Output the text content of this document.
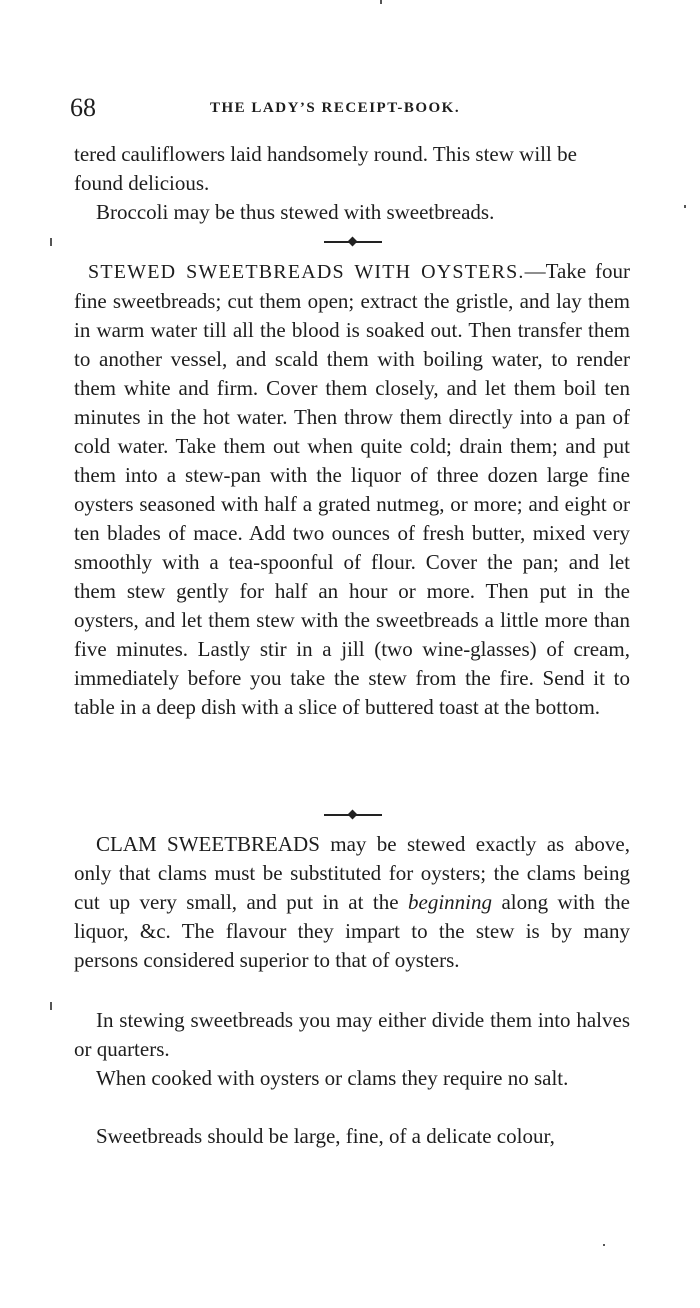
68	THE LADY’S RECEIPT-BOOK.

tered cauliflowers laid handsomely round. This stew will be found delicious.

Broccoli may be thus stewed with sweetbreads.

STEWED SWEETBREADS WITH OYSTERS.—Take four fine sweetbreads; cut them open; extract the gristle, and lay them in warm water till all the blood is soaked out. Then transfer them to another vessel, and scald them with boiling water, to render them white and firm. Cover them closely, and let them boil ten minutes in the hot water. Then throw them directly into a pan of cold water. Take them out when quite cold; drain them; and put them into a stew-pan with the liquor of three dozen large fine oysters seasoned with half a grated nutmeg, or more; and eight or ten blades of mace. Add two ounces of fresh butter, mixed very smoothly with a tea-spoonful of flour. Cover the pan; and let them stew gently for half an hour or more. Then put in the oysters, and let them stew with the sweetbreads a little more than five minutes. Lastly stir in a jill (two wine-glasses) of cream, immediately before you take the stew from the fire. Send it to table in a deep dish with a slice of buttered toast at the bottom.

CLAM SWEETBREADS may be stewed exactly as above, only that clams must be substituted for oysters; the clams being cut up very small, and put in at the beginning along with the liquor, &c. The flavour they impart to the stew is by many persons considered superior to that of oysters.

In stewing sweetbreads you may either divide them into halves or quarters.

When cooked with oysters or clams they require no salt.

Sweetbreads should be large, fine, of a delicate colour,
